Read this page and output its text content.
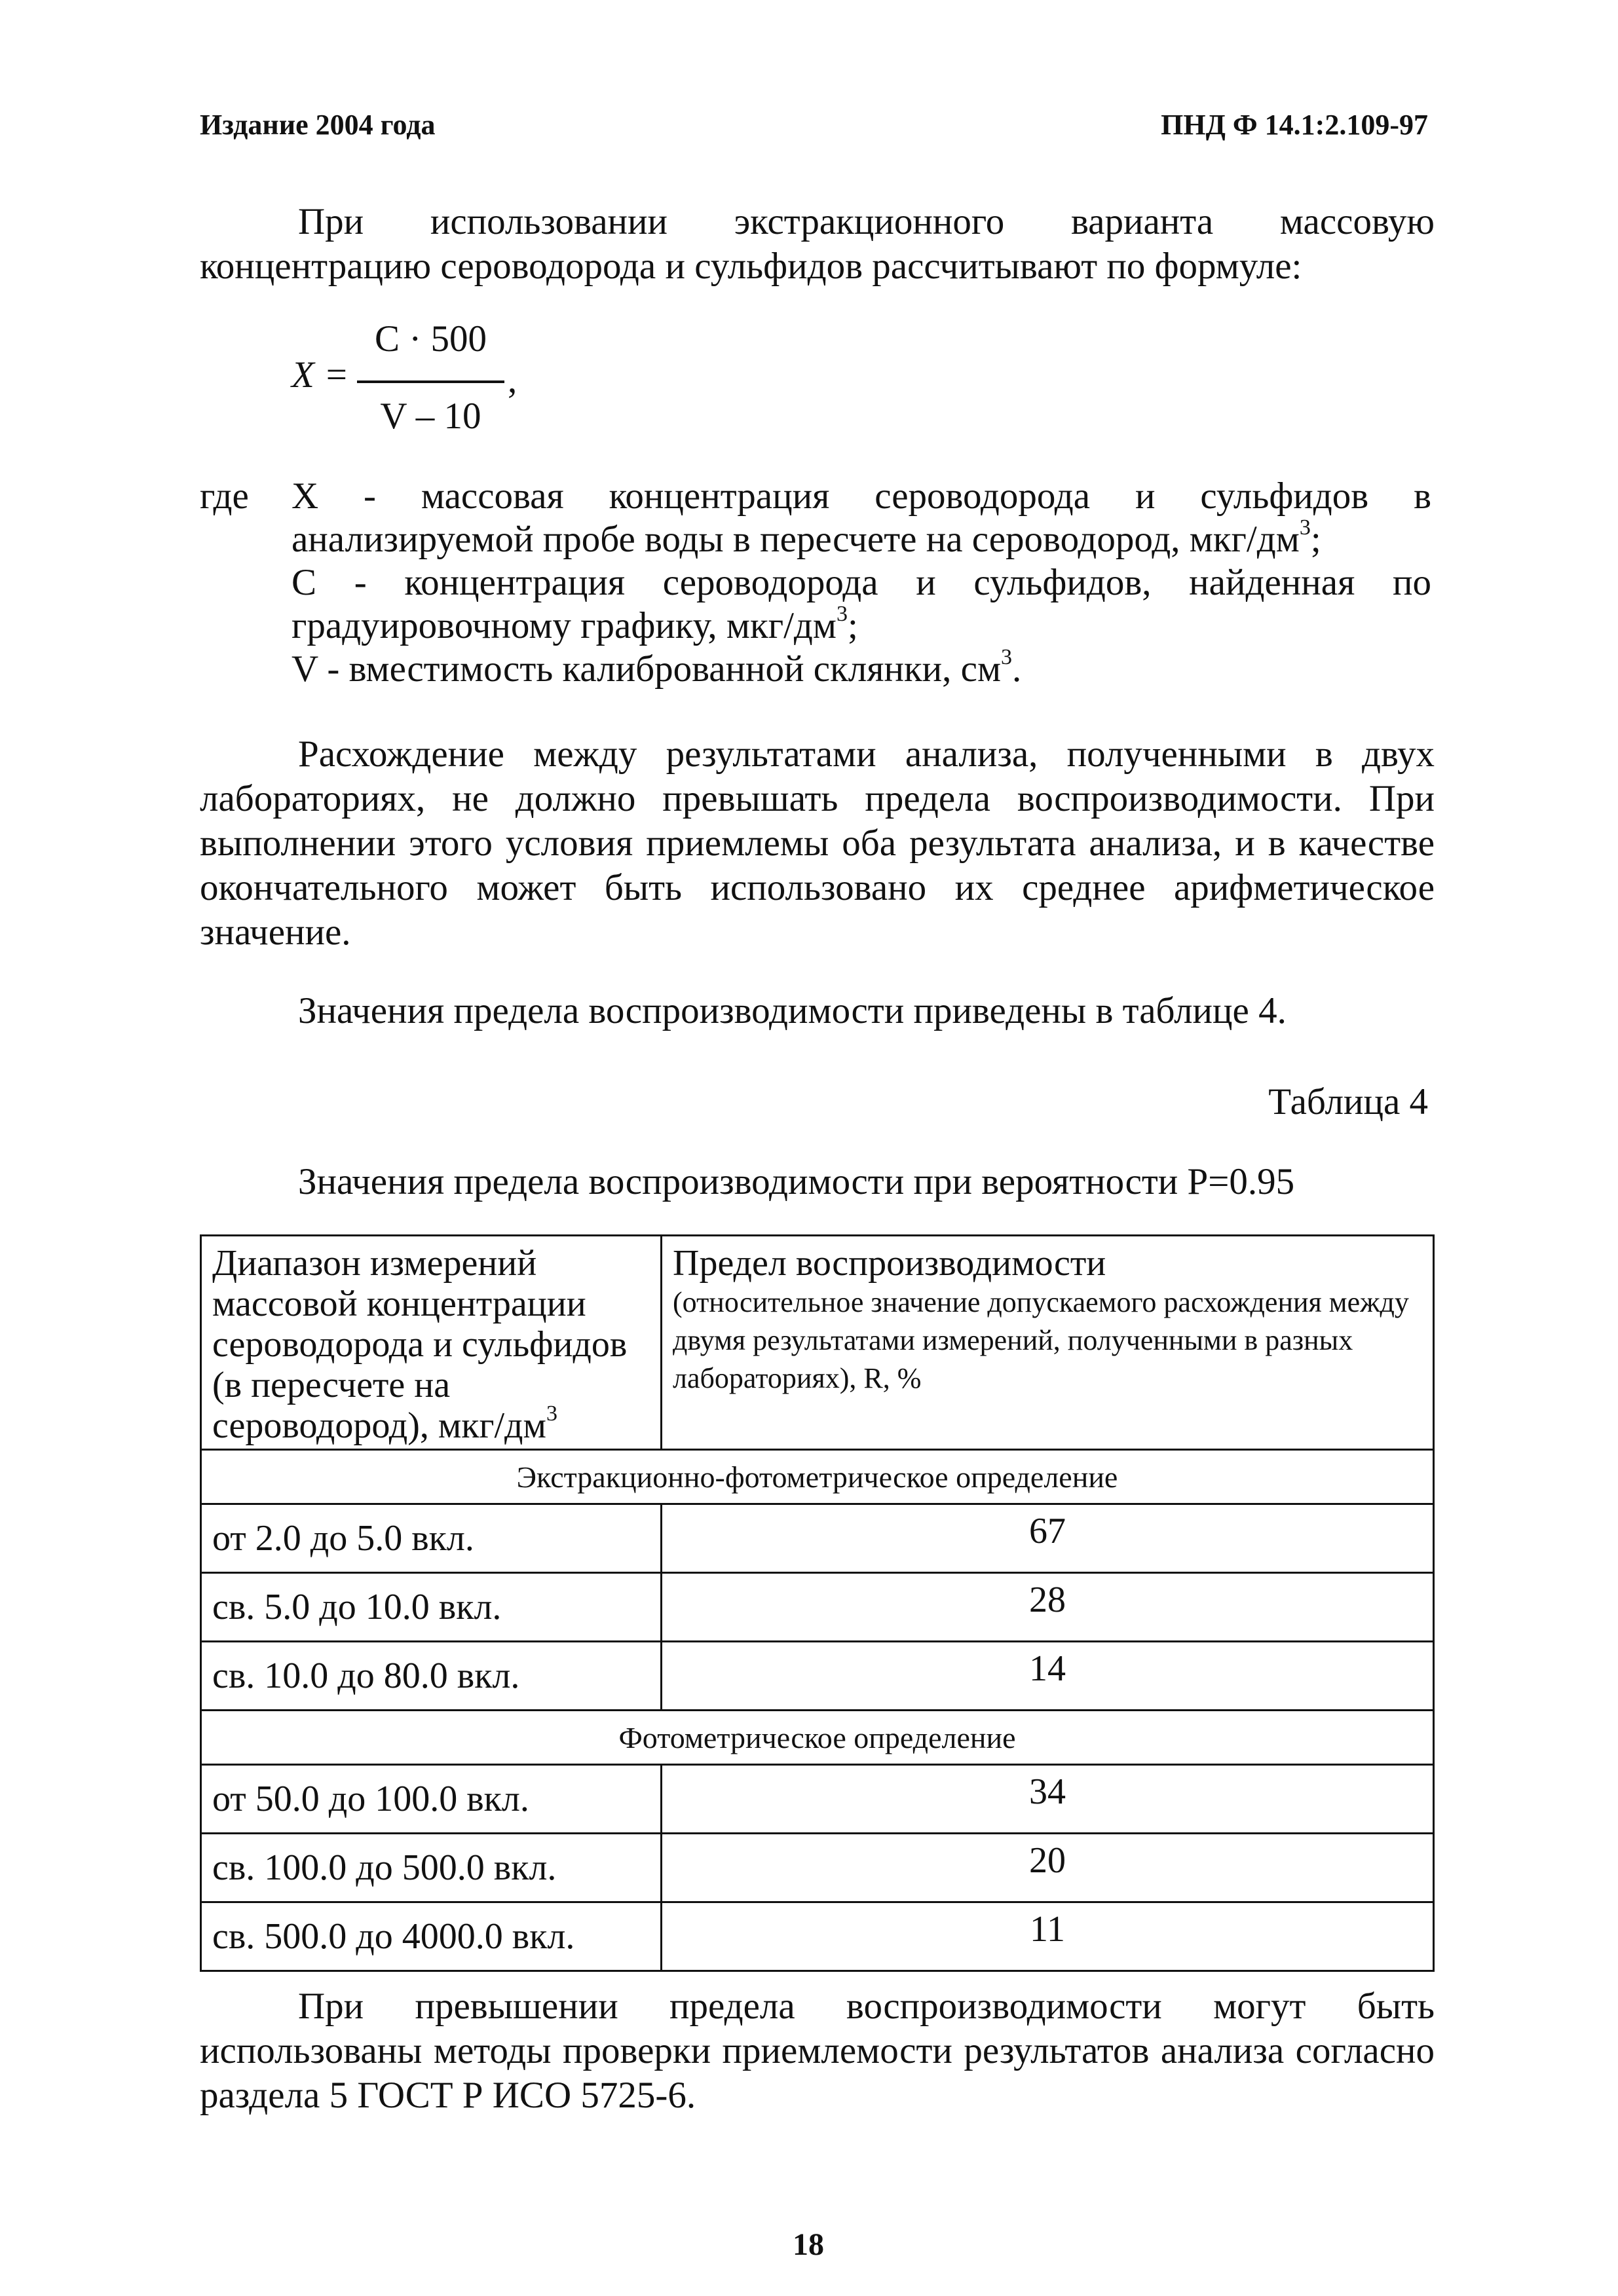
Издание 2004 года	ПНД Ф 14.1:2.109-97
При использовании экстракционного варианта массовую концентрацию сероводорода и сульфидов рассчитывают по формуле:
X =
C · 500
V – 10
,
где	X - массовая концентрация сероводорода и сульфидов в анализируемой пробе воды в пересчете на сероводород, мкг/$дм^3$;
С - концентрация сероводорода и сульфидов, найденная по градуировочному графику, мкг/$дм^3$;
V - вместимость калиброванной склянки, $см^3$.
Расхождение между результатами анализа, полученными в двух лабораториях, не должно превышать предела воспроизводимости. При выполнении этого условия приемлемы оба результата анализа, и в качестве окончательного может быть использовано их среднее арифметическое значение.
Значения предела воспроизводимости приведены в таблице 4.
Таблица 4
Значения предела воспроизводимости при вероятности P=0.95
Диапазон измерений массовой концентрации сероводорода и сульфидов (в пересчете на сероводород), мкг/$дм^3$	Предел воспроизводимости
(относительное значение допускаемого расхождения между двумя результатами измерений, полученными в разных лабораториях), R, %

Экстракционно-фотометрическое определение	
от 2.0 до 5.0 вкл.	67
св. 5.0 до 10.0 вкл.	28
св. 10.0 до 80.0 вкл.	14
Фотометрическое определение	
от 50.0 до 100.0 вкл.	34
св. 100.0 до 500.0 вкл.	20
св. 500.0 до 4000.0 вкл.	11
При превышении предела воспроизводимости могут быть использованы методы проверки приемлемости результатов анализа согласно раздела 5 ГОСТ Р ИСО 5725-6.
18
